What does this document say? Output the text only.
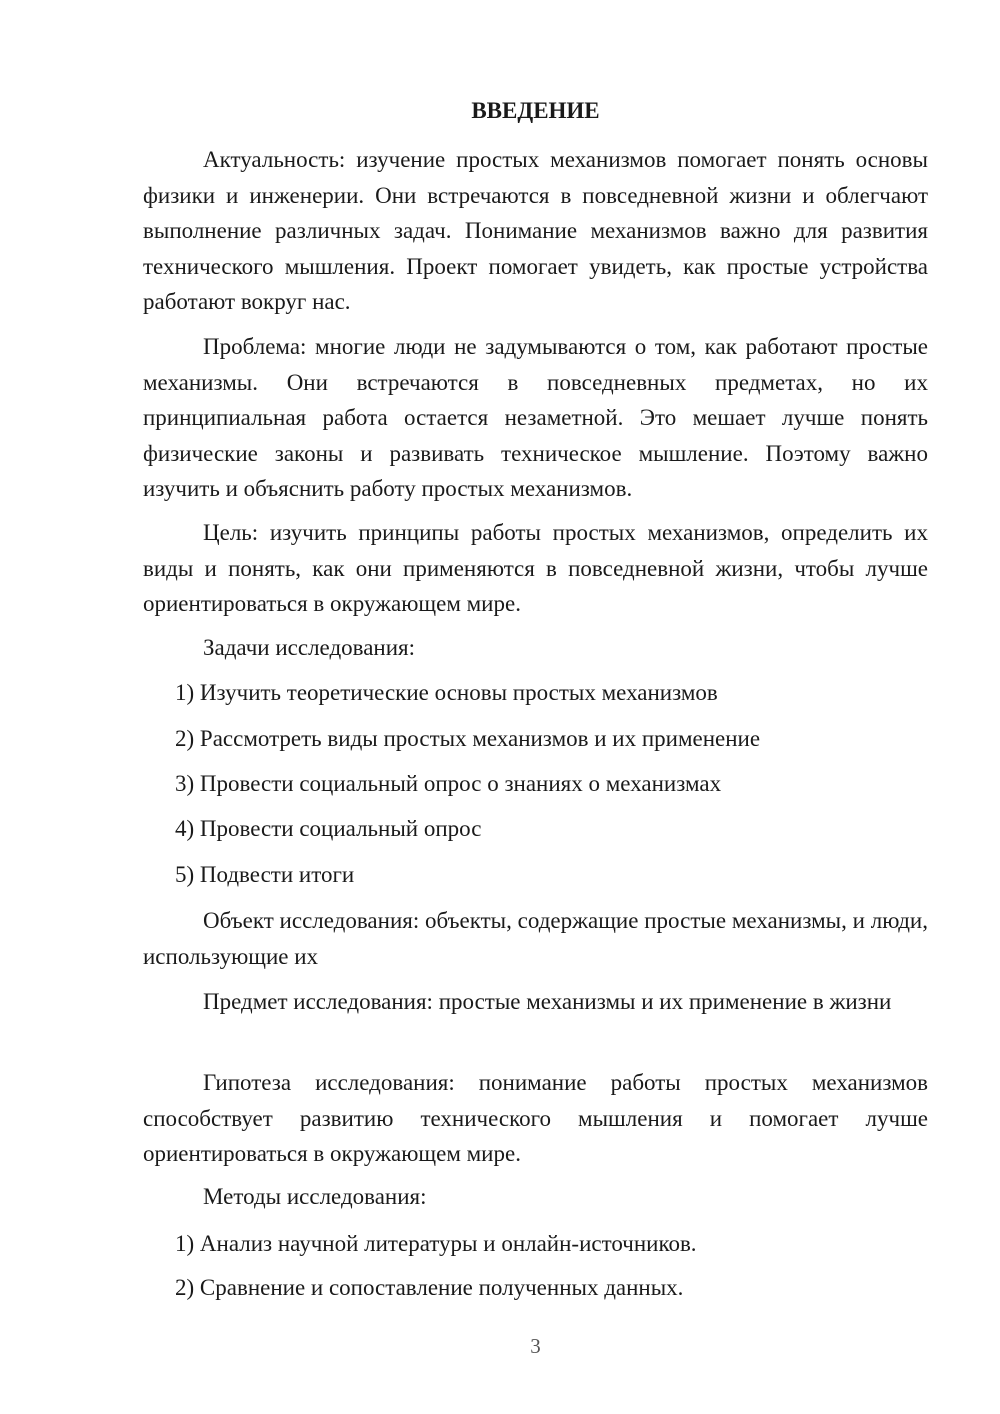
ВВЕДЕНИЕ

Актуальность: изучение простых механизмов помогает понять основы физики и инженерии. Они встречаются в повседневной жизни и облегчают выполнение различных задач. Понимание механизмов важно для развития технического мышления. Проект помогает увидеть, как простые устройства работают вокруг нас.

Проблема: многие люди не задумываются о том, как работают простые механизмы. Они встречаются в повседневных предметах, но их принципиальная работа остается незаметной. Это мешает лучше понять физические законы и развивать техническое мышление. Поэтому важно изучить и объяснить работу простых механизмов.

Цель: изучить принципы работы простых механизмов, определить их виды и понять, как они применяются в повседневной жизни, чтобы лучше ориентироваться в окружающем мире.

Задачи исследования:

1) Изучить теоретические основы простых механизмов

2) Рассмотреть виды простых механизмов и их применение

3) Провести социальный опрос о знаниях о механизмах

4) Провести социальный опрос

5) Подвести итоги

Объект исследования: объекты, содержащие простые механизмы, и люди, использующие их

Предмет исследования: простые механизмы и их применение в жизни

Гипотеза исследования: понимание работы простых механизмов способствует развитию технического мышления и помогает лучше ориентироваться в окружающем мире.

Методы исследования:

1) Анализ научной литературы и онлайн-источников.

2) Сравнение и сопоставление полученных данных.

3
